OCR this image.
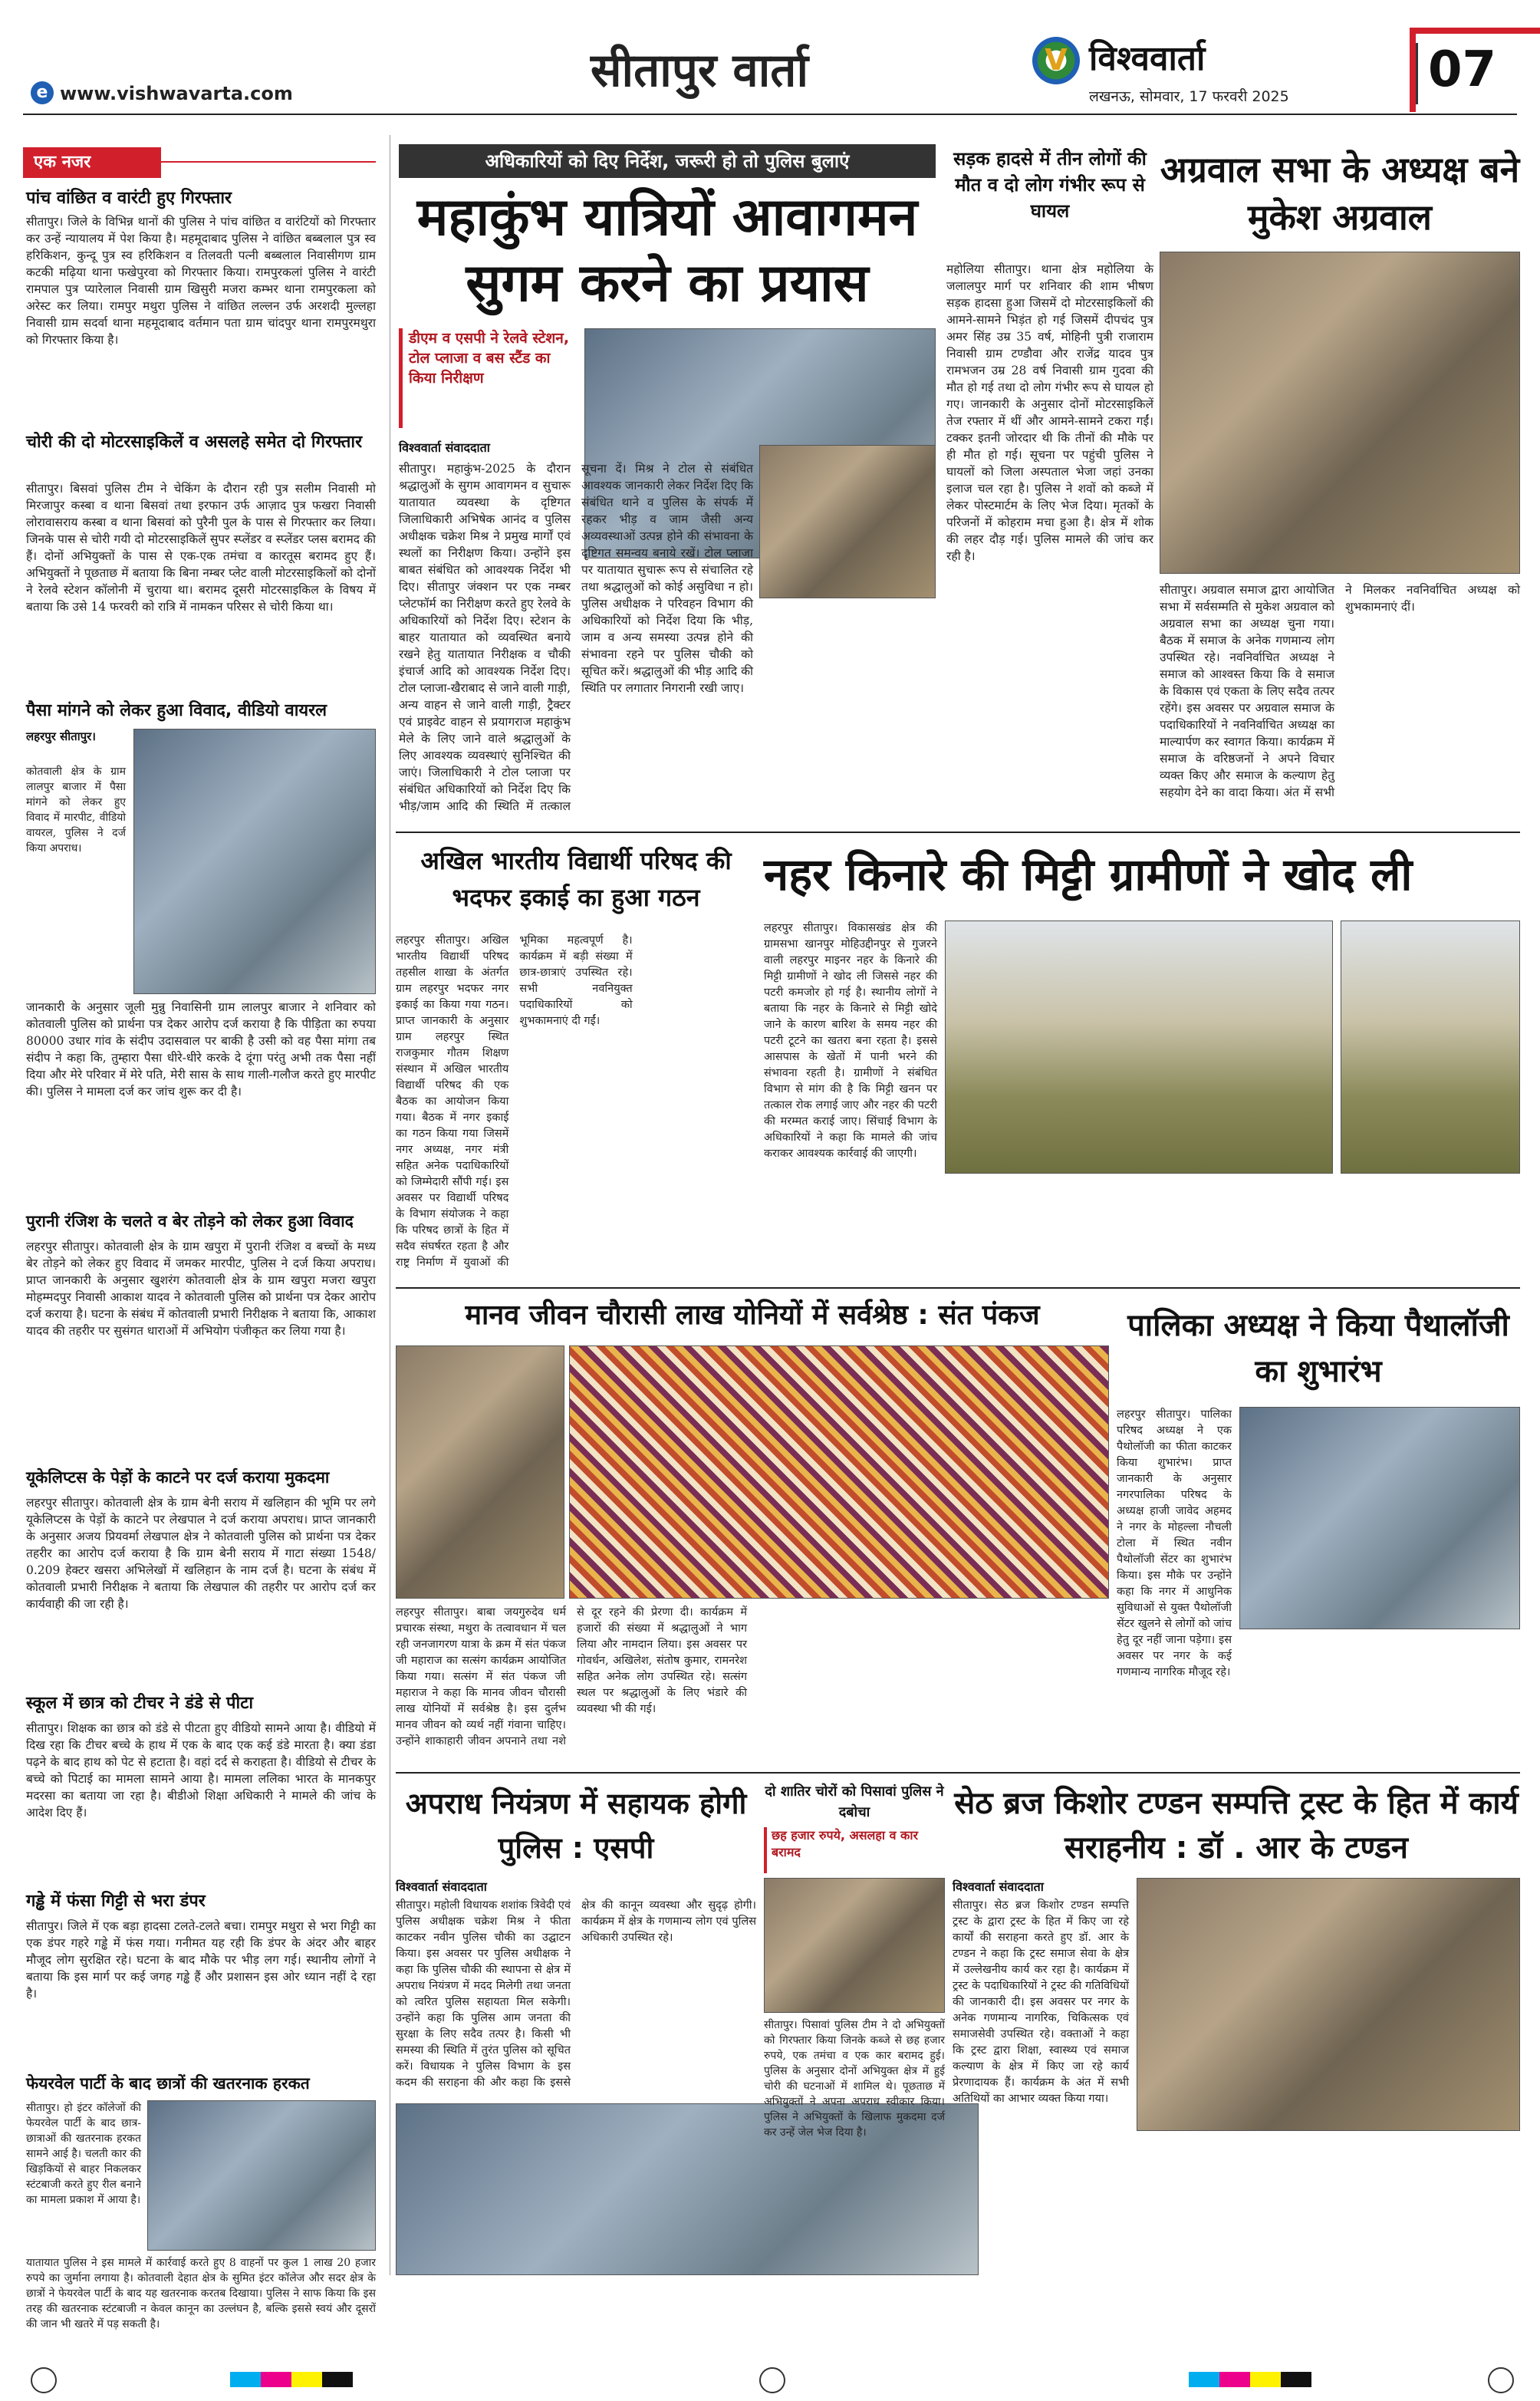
सीतापुर वार्ता
e www.vishwavarta.com
V विश्ववार्ता
लखनऊ, सोमवार, 17 फरवरी 2025	07
एक नजर
पांच वांछित व वारंटी हुए गिरफ्तार
सीतापुर। जिले के विभिन्न थानों की पुलिस ने पांच वांछित व वारंटियों को गिरफ्तार कर उन्हें न्यायालय में पेश किया है। महमूदाबाद पुलिस ने वांछित बब्बलाल पुत्र स्व हरिकिशन, कुन्दू पुत्र स्व हरिकिशन व तिलवती पत्नी बब्बलाल निवासीगण ग्राम कटकी मढ़िया थाना फखेपुरवा को गिरफ्तार किया। रामपुरकलां पुलिस ने वारंटी रामपाल पुत्र प्यारेलाल निवासी ग्राम खिसुरी मजरा कम्भर थाना रामपुरकला को अरेस्ट कर लिया। रामपुर मथुरा पुलिस ने वांछित लल्लन उर्फ अरशदी मुल्लहा निवासी ग्राम सदर्वा थाना महमूदाबाद वर्तमान पता ग्राम चांदपुर थाना रामपुरमथुरा को गिरफ्तार किया है।
चोरी की दो मोटरसाइकिलें व असलहे समेत दो गिरफ्तार
सीतापुर। बिसवां पुलिस टीम ने चेकिंग के दौरान रही पुत्र सलीम निवासी मो मिरजापुर कस्बा व थाना बिसवां तथा इरफान उर्फ आज़ाद पुत्र फखरा निवासी लोरावासराय कस्बा व थाना बिसवां को पुरैनी पुल के पास से गिरफ्तार कर लिया। जिनके पास से चोरी गयी दो मोटरसाइकिलें सुपर स्प्लेंडर व स्प्लेंडर प्लस बरामद की हैं। दोनों अभियुक्तों के पास से एक-एक तमंचा व कारतूस बरामद हुए हैं। अभियुक्तों ने पूछताछ में बताया कि बिना नम्बर प्लेट वाली मोटरसाइकिलों को दोनों ने रेलवे स्टेशन कॉलोनी में चुराया था। बरामद दूसरी मोटरसाइकिल के विषय में बताया कि उसे 14 फरवरी को रात्रि में नामकन परिसर से चोरी किया था।
पैसा मांगने को लेकर हुआ विवाद, वीडियो वायरल
लहरपुर सीतापुर।
कोतवाली क्षेत्र के ग्राम लालपुर बाजार में पैसा मांगने को लेकर हुए विवाद में मारपीट, वीडियो वायरल, पुलिस ने दर्ज किया अपराध।
जानकारी के अनुसार जूली मुन्नु निवासिनी ग्राम लालपुर बाजार ने शनिवार को कोतवाली पुलिस को प्रार्थना पत्र देकर आरोप दर्ज कराया है कि पीड़िता का रुपया 80000 उधार गांव के संदीप उदासवाल पर बाकी है उसी को वह पैसा मांगा तब संदीप ने कहा कि, तुम्हारा पैसा धीरे-धीरे करके दे दूंगा परंतु अभी तक पैसा नहीं दिया और मेरे परिवार में मेरे पति, मेरी सास के साथ गाली-गलौज करते हुए मारपीट की। पुलिस ने मामला दर्ज कर जांच शुरू कर दी है।
पुरानी रंजिश के चलते व बेर तोड़ने को लेकर हुआ विवाद
लहरपुर सीतापुर। कोतवाली क्षेत्र के ग्राम खपुरा में पुरानी रंजिश व बच्चों के मध्य बेर तोड़ने को लेकर हुए विवाद में जमकर मारपीट, पुलिस ने दर्ज किया अपराध। प्राप्त जानकारी के अनुसार खुशरंग कोतवाली क्षेत्र के ग्राम खपुरा मजरा खपुरा मोहम्मदपुर निवासी आकाश यादव ने कोतवाली पुलिस को प्रार्थना पत्र देकर आरोप दर्ज कराया है। घटना के संबंध में कोतवाली प्रभारी निरीक्षक ने बताया कि, आकाश यादव की तहरीर पर सुसंगत धाराओं में अभियोग पंजीकृत कर लिया गया है।
यूकेलिप्टस के पेड़ों के काटने पर दर्ज कराया मुकदमा
लहरपुर सीतापुर। कोतवाली क्षेत्र के ग्राम बेनी सराय में खलिहान की भूमि पर लगे यूकेलिप्टस के पेड़ों के काटने पर लेखपाल ने दर्ज कराया अपराध। प्राप्त जानकारी के अनुसार अजय प्रियवर्मा लेखपाल क्षेत्र ने कोतवाली पुलिस को प्रार्थना पत्र देकर तहरीर का आरोप दर्ज कराया है कि ग्राम बेनी सराय में गाटा संख्या 1548/ 0.209 हेक्टर खसरा अभिलेखों में खलिहान के नाम दर्ज है। घटना के संबंध में कोतवाली प्रभारी निरीक्षक ने बताया कि लेखपाल की तहरीर पर आरोप दर्ज कर कार्यवाही की जा रही है।
स्कूल में छात्र को टीचर ने डंडे से पीटा
सीतापुर। शिक्षक का छात्र को डंडे से पीटता हुए वीडियो सामने आया है। वीडियो में दिख रहा कि टीचर बच्चे के हाथ में एक के बाद एक कई डंडे मारता है। क्या डंडा पढ़ने के बाद हाथ को पेट से हटाता है। वहां दर्द से कराहता है। वीडियो से टीचर के बच्चे को पिटाई का मामला सामने आया है। मामला ललिका भारत के मानकपुर मदरसा का बताया जा रहा है। बीडीओ शिक्षा अधिकारी ने मामले की जांच के आदेश दिए हैं।
गड्ढे में फंसा गिट्टी से भरा डंपर
सीतापुर। जिले में एक बड़ा हादसा टलते-टलते बचा। रामपुर मथुरा से भरा गिट्टी का एक डंपर गहरे गड्ढे में फंस गया। गनीमत यह रही कि डंपर के अंदर और बाहर मौजूद लोग सुरक्षित रहे। घटना के बाद मौके पर भीड़ लग गई। स्थानीय लोगों ने बताया कि इस मार्ग पर कई जगह गड्ढे हैं और प्रशासन इस ओर ध्यान नहीं दे रहा है।
फेयरवेल पार्टी के बाद छात्रों की खतरनाक हरकत
सीतापुर। हो इंटर कॉलेजों की फेयरवेल पार्टी के बाद छात्र-छात्राओं की खतरनाक हरकत सामने आई है। चलती कार की खिड़कियों से बाहर निकलकर स्टंटबाजी करते हुए रील बनाने का मामला प्रकाश में आया है।
यातायात पुलिस ने इस मामले में कार्रवाई करते हुए 8 वाहनों पर कुल 1 लाख 20 हजार रुपये का जुर्माना लगाया है। कोतवाली देहात क्षेत्र के सुमित इंटर कॉलेज और सदर क्षेत्र के छात्रों ने फेयरवेल पार्टी के बाद यह खतरनाक करतब दिखाया। पुलिस ने साफ किया कि इस तरह की खतरनाक स्टंटबाजी न केवल कानून का उल्लंघन है, बल्कि इससे स्वयं और दूसरों की जान भी खतरे में पड़ सकती है।
अधिकारियों को दिए निर्देश, जरूरी हो तो पुलिस बुलाएं
महाकुंभ यात्रियों आवागमन सुगम करने का प्रयास
डीएम व एसपी ने रेलवे स्टेशन, टोल प्लाजा व बस स्टैंड का किया निरीक्षण
विश्ववार्ता संवाददाता
सीतापुर। महाकुंभ-2025 के दौरान श्रद्धालुओं के सुगम आवागमन व सुचारू यातायात व्यवस्था के दृष्टिगत जिलाधिकारी अभिषेक आनंद व पुलिस अधीक्षक चक्रेश मिश्र ने प्रमुख मार्गों एवं स्थलों का निरीक्षण किया। उन्होंने इस बाबत संबंधित को आवश्यक निर्देश भी दिए। सीतापुर जंक्शन पर एक नम्बर प्लेटफॉर्म का निरीक्षण करते हुए रेलवे के अधिकारियों को निर्देश दिए। स्टेशन के बाहर यातायात को व्यवस्थित बनाये रखने हेतु यातायात निरीक्षक व चौकी इंचार्ज आदि को आवश्यक निर्देश दिए। टोल प्लाजा-खैराबाद से जाने वाली गाड़ी, अन्य वाहन से जाने वाली गाड़ी, ट्रैक्टर एवं प्राइवेट वाहन से प्रयागराज महाकुंभ मेले के लिए जाने वाले श्रद्धालुओं के लिए आवश्यक व्यवस्थाएं सुनिश्चित की जाएं। जिलाधिकारी ने टोल प्लाजा पर संबंधित अधिकारियों को निर्देश दिए कि भीड़/जाम आदि की स्थिति में तत्काल सूचना दें। मिश्र ने टोल से संबंधित आवश्यक जानकारी लेकर निर्देश दिए कि संबंधित थाने व पुलिस के संपर्क में रहकर भीड़ व जाम जैसी अन्य अव्यवस्थाओं उत्पन्न होने की संभावना के दृष्टिगत समन्वय बनाये रखें। टोल प्लाजा पर यातायात सुचारू रूप से संचालित रहे तथा श्रद्धालुओं को कोई असुविधा न हो। पुलिस अधीक्षक ने परिवहन विभाग की अधिकारियों को निर्देश दिया कि भीड़, जाम व अन्य समस्या उत्पन्न होने की संभावना रहने पर पुलिस चौकी को सूचित करें। श्रद्धालुओं की भीड़ आदि की स्थिति पर लगातार निगरानी रखी जाए।
सड़क हादसे में तीन लोगों की मौत व दो लोग गंभीर रूप से घायल
महोलिया सीतापुर। थाना क्षेत्र महोलिया के जलालपुर मार्ग पर शनिवार की शाम भीषण सड़क हादसा हुआ जिसमें दो मोटरसाइकिलों की आमने-सामने भिड़ंत हो गई जिसमें दीपचंद पुत्र अमर सिंह उम्र 35 वर्ष, मोहिनी पुत्री राजाराम निवासी ग्राम टण्डौवा और राजेंद्र यादव पुत्र रामभजन उम्र 28 वर्ष निवासी ग्राम गुदवा की मौत हो गई तथा दो लोग गंभीर रूप से घायल हो गए। जानकारी के अनुसार दोनों मोटरसाइकिलें तेज रफ्तार में थीं और आमने-सामने टकरा गईं। टक्कर इतनी जोरदार थी कि तीनों की मौके पर ही मौत हो गई। सूचना पर पहुंची पुलिस ने घायलों को जिला अस्पताल भेजा जहां उनका इलाज चल रहा है। पुलिस ने शवों को कब्जे में लेकर पोस्टमार्टम के लिए भेज दिया। मृतकों के परिजनों में कोहराम मचा हुआ है। क्षेत्र में शोक की लहर दौड़ गई। पुलिस मामले की जांच कर रही है।
अग्रवाल सभा के अध्यक्ष बने मुकेश अग्रवाल
सीतापुर। अग्रवाल समाज द्वारा आयोजित सभा में सर्वसम्मति से मुकेश अग्रवाल को अग्रवाल सभा का अध्यक्ष चुना गया। बैठक में समाज के अनेक गणमान्य लोग उपस्थित रहे। नवनिर्वाचित अध्यक्ष ने समाज को आश्वस्त किया कि वे समाज के विकास एवं एकता के लिए सदैव तत्पर रहेंगे। इस अवसर पर अग्रवाल समाज के पदाधिकारियों ने नवनिर्वाचित अध्यक्ष का माल्यार्पण कर स्वागत किया। कार्यक्रम में समाज के वरिष्ठजनों ने अपने विचार व्यक्त किए और समाज के कल्याण हेतु सहयोग देने का वादा किया। अंत में सभी ने मिलकर नवनिर्वाचित अध्यक्ष को शुभकामनाएं दीं।
अखिल भारतीय विद्यार्थी परिषद की भदफर इकाई का हुआ गठन
लहरपुर सीतापुर। अखिल भारतीय विद्यार्थी परिषद तहसील शाखा के अंतर्गत ग्राम लहरपुर भदफर नगर इकाई का किया गया गठन। प्राप्त जानकारी के अनुसार ग्राम लहरपुर स्थित राजकुमार गौतम शिक्षण संस्थान में अखिल भारतीय विद्यार्थी परिषद की एक बैठक का आयोजन किया गया। बैठक में नगर इकाई का गठन किया गया जिसमें नगर अध्यक्ष, नगर मंत्री सहित अनेक पदाधिकारियों को जिम्मेदारी सौंपी गई। इस अवसर पर विद्यार्थी परिषद के विभाग संयोजक ने कहा कि परिषद छात्रों के हित में सदैव संघर्षरत रहता है और राष्ट्र निर्माण में युवाओं की भूमिका महत्वपूर्ण है। कार्यक्रम में बड़ी संख्या में छात्र-छात्राएं उपस्थित रहे। सभी नवनियुक्त पदाधिकारियों को शुभकामनाएं दी गईं।
नहर किनारे की मिट्टी ग्रामीणों ने खोद ली
लहरपुर सीतापुर। विकासखंड क्षेत्र की ग्रामसभा खानपुर मोहिउद्दीनपुर से गुजरने वाली लहरपुर माइनर नहर के किनारे की मिट्टी ग्रामीणों ने खोद ली जिससे नहर की पटरी कमजोर हो गई है। स्थानीय लोगों ने बताया कि नहर के किनारे से मिट्टी खोदे जाने के कारण बारिश के समय नहर की पटरी टूटने का खतरा बना रहता है। इससे आसपास के खेतों में पानी भरने की संभावना रहती है। ग्रामीणों ने संबंधित विभाग से मांग की है कि मिट्टी खनन पर तत्काल रोक लगाई जाए और नहर की पटरी की मरम्मत कराई जाए। सिंचाई विभाग के अधिकारियों ने कहा कि मामले की जांच कराकर आवश्यक कार्रवाई की जाएगी।
मानव जीवन चौरासी लाख योनियों में सर्वश्रेष्ठ : संत पंकज
लहरपुर सीतापुर। बाबा जयगुरुदेव धर्म प्रचारक संस्था, मथुरा के तत्वावधान में चल रही जनजागरण यात्रा के क्रम में संत पंकज जी महाराज का सत्संग कार्यक्रम आयोजित किया गया। सत्संग में संत पंकज जी महाराज ने कहा कि मानव जीवन चौरासी लाख योनियों में सर्वश्रेष्ठ है। इस दुर्लभ मानव जीवन को व्यर्थ नहीं गंवाना चाहिए। उन्होंने शाकाहारी जीवन अपनाने तथा नशे से दूर रहने की प्रेरणा दी। कार्यक्रम में हजारों की संख्या में श्रद्धालुओं ने भाग लिया और नामदान लिया। इस अवसर पर गोवर्धन, अखिलेश, संतोष कुमार, रामनरेश सहित अनेक लोग उपस्थित रहे। सत्संग स्थल पर श्रद्धालुओं के लिए भंडारे की व्यवस्था भी की गई।
पालिका अध्यक्ष ने किया पैथालॉजी का शुभारंभ
लहरपुर सीतापुर। पालिका परिषद अध्यक्ष ने एक पैथोलॉजी का फीता काटकर किया शुभारंभ। प्राप्त जानकारी के अनुसार नगरपालिका परिषद के अध्यक्ष हाजी जावेद अहमद ने नगर के मोहल्ला नौचली टोला में स्थित नवीन पैथोलॉजी सेंटर का शुभारंभ किया। इस मौके पर उन्होंने कहा कि नगर में आधुनिक सुविधाओं से युक्त पैथोलॉजी सेंटर खुलने से लोगों को जांच हेतु दूर नहीं जाना पड़ेगा। इस अवसर पर नगर के कई गणमान्य नागरिक मौजूद रहे।
अपराध नियंत्रण में सहायक होगी पुलिस : एसपी
विश्ववार्ता संवाददाता
सीतापुर। महोली विधायक शशांक त्रिवेदी एवं पुलिस अधीक्षक चक्रेश मिश्र ने फीता काटकर नवीन पुलिस चौकी का उद्घाटन किया। इस अवसर पर पुलिस अधीक्षक ने कहा कि पुलिस चौकी की स्थापना से क्षेत्र में अपराध नियंत्रण में मदद मिलेगी तथा जनता को त्वरित पुलिस सहायता मिल सकेगी। उन्होंने कहा कि पुलिस आम जनता की सुरक्षा के लिए सदैव तत्पर है। किसी भी समस्या की स्थिति में तुरंत पुलिस को सूचित करें। विधायक ने पुलिस विभाग के इस कदम की सराहना की और कहा कि इससे क्षेत्र की कानून व्यवस्था और सुदृढ़ होगी। कार्यक्रम में क्षेत्र के गणमान्य लोग एवं पुलिस अधिकारी उपस्थित रहे।
दो शातिर चोरों को पिसावां पुलिस ने दबोचा
छह हजार रुपये, असलहा व कार बरामद
सीतापुर। पिसावां पुलिस टीम ने दो अभियुक्तों को गिरफ्तार किया जिनके कब्जे से छह हजार रुपये, एक तमंचा व एक कार बरामद हुई। पुलिस के अनुसार दोनों अभियुक्त क्षेत्र में हुई चोरी की घटनाओं में शामिल थे। पूछताछ में अभियुक्तों ने अपना अपराध स्वीकार किया। पुलिस ने अभियुक्तों के खिलाफ मुकदमा दर्ज कर उन्हें जेल भेज दिया है।
सेठ ब्रज किशोर टण्डन सम्पत्ति ट्रस्ट के हित में कार्य सराहनीय : डॉ . आर के टण्डन
विश्ववार्ता संवाददाता
सीतापुर। सेठ ब्रज किशोर टण्डन सम्पत्ति ट्रस्ट के द्वारा ट्रस्ट के हित में किए जा रहे कार्यों की सराहना करते हुए डॉ. आर के टण्डन ने कहा कि ट्रस्ट समाज सेवा के क्षेत्र में उल्लेखनीय कार्य कर रहा है। कार्यक्रम में ट्रस्ट के पदाधिकारियों ने ट्रस्ट की गतिविधियों की जानकारी दी। इस अवसर पर नगर के अनेक गणमान्य नागरिक, चिकित्सक एवं समाजसेवी उपस्थित रहे। वक्ताओं ने कहा कि ट्रस्ट द्वारा शिक्षा, स्वास्थ्य एवं समाज कल्याण के क्षेत्र में किए जा रहे कार्य प्रेरणादायक हैं। कार्यक्रम के अंत में सभी अतिथियों का आभार व्यक्त किया गया।
